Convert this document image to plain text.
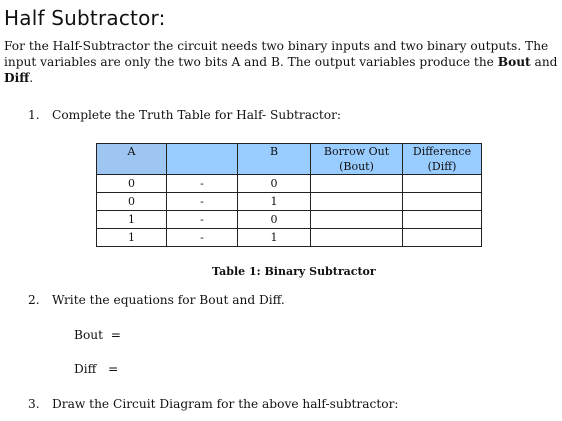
Half Subtractor:
For the Half-Subtractor the circuit needs two binary inputs and two binary outputs. The input variables are only the two bits A and B. The output variables produce the Bout and Diff.
1. Complete the Truth Table for Half- Subtractor:
A		B	Borrow Out (Bout)	Difference (Diff)
0	-	0		
0	-	1		
1	-	0		
1	-	1		
Table 1: Binary Subtractor
2. Write the equations for Bout and Diff.
Bout  =
Diff   =
3. Draw the Circuit Diagram for the above half-subtractor:
